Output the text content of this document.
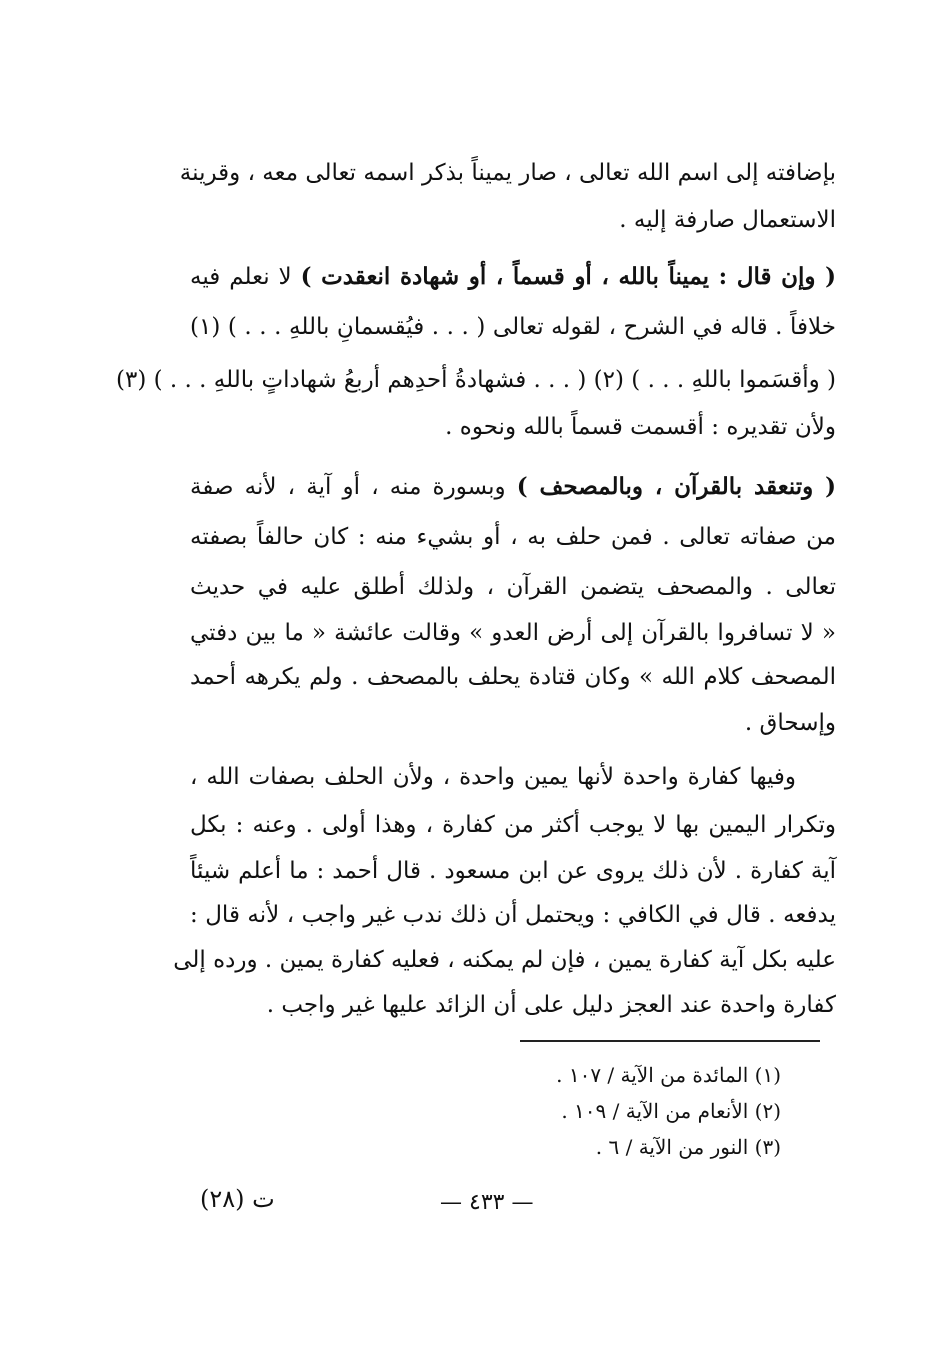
بإضافته إلى اسم الله تعالى ، صار يميناً بذكر اسمه تعالى معه ، وقرينة
الاستعمال صارفة إليه .
( وإن قال : يميناً بالله ، أو قسماً ، أو شهادة انعقدت ) لا نعلم فيه
خلافاً . قاله في الشرح ، لقوله تعالى ( . . . فيُقسمانِ باللهِ . . . ) (١)
( وأقسَموا باللهِ . . . ) (٢) ( . . . فشهادةُ أحدِهم أربعُ شهاداتٍ باللهِ . . . ) (٣)
ولأن تقديره : أقسمت قسماً بالله ونحوه .
( وتنعقد بالقرآن ، وبالمصحف ) وبسورة منه ، أو آية ، لأنه صفة
من صفاته تعالى . فمن حلف به ، أو بشيء منه : كان حالفاً بصفته
تعالى . والمصحف يتضمن القرآن ، ولذلك أطلق عليه في حديث
« لا تسافروا بالقرآن إلى أرض العدو » وقالت عائشة « ما بين دفتي
المصحف كلام الله » وكان قتادة يحلف بالمصحف . ولم يكرهه أحمد
وإسحاق .
وفيها كفارة واحدة لأنها يمين واحدة ، ولأن الحلف بصفات الله ،
وتكرار اليمين بها لا يوجب أكثر من كفارة ، وهذا أولى . وعنه : بكل
آية كفارة . لأن ذلك يروى عن ابن مسعود . قال أحمد : ما أعلم شيئاً
يدفعه . قال في الكافي : ويحتمل أن ذلك ندب غير واجب ، لأنه قال :
عليه بكل آية كفارة يمين ، فإن لم يمكنه ، فعليه كفارة يمين . ورده إلى
كفارة واحدة عند العجز دليل على أن الزائد عليها غير واجب .
(١) المائدة من الآية / ١٠٧ .
(٢) الأنعام من الآية / ١٠٩ .
(٣) النور من الآية / ٦ .
ت (٢٨)	— ٤٣٣ —
